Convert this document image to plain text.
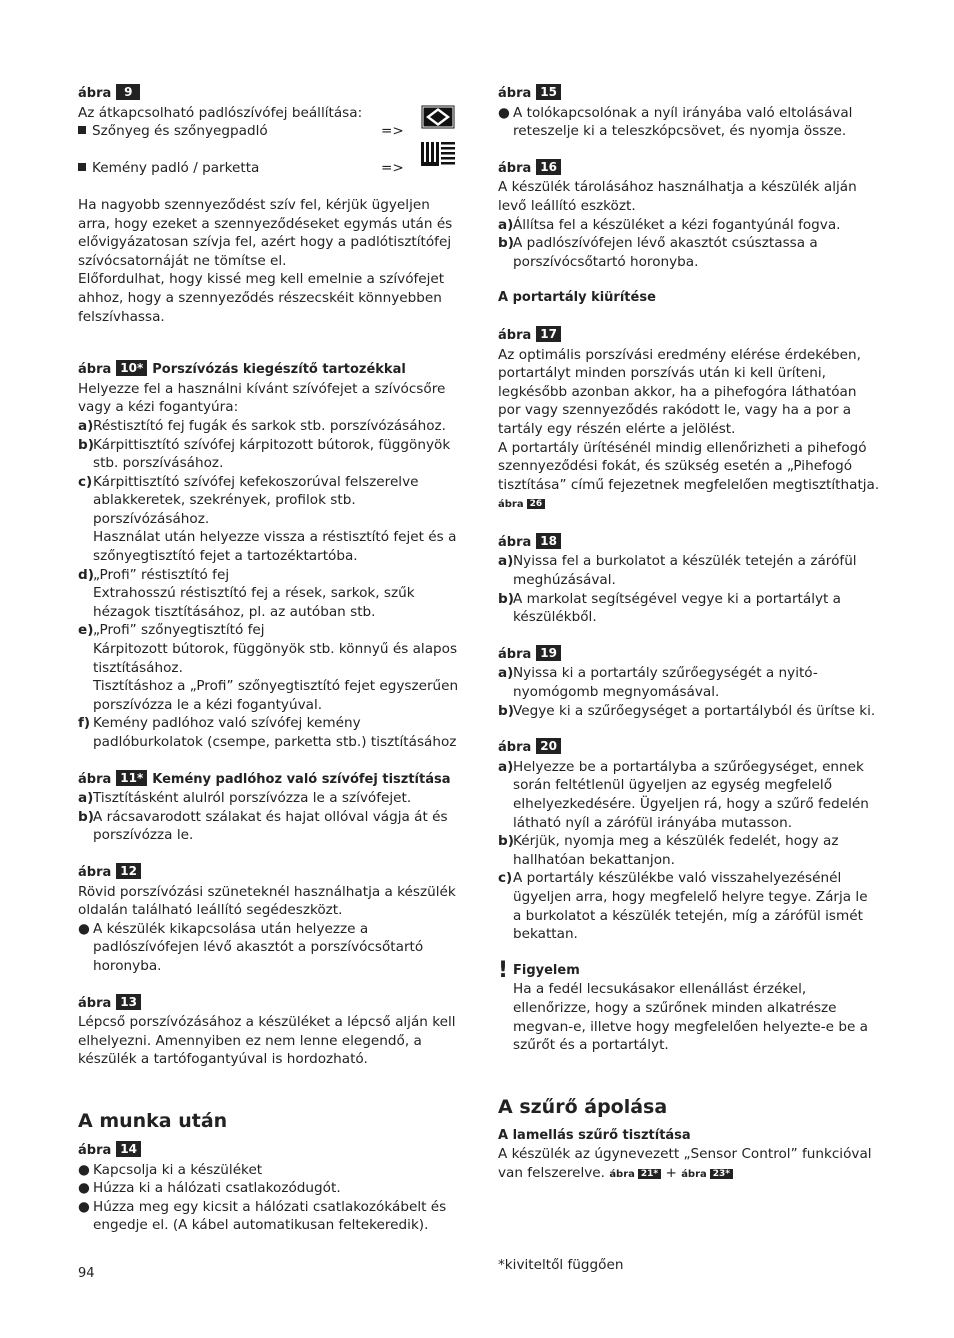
ábra 9

Az átkapcsolható padlószívófej beállítása:

Szőnyeg és szőnyegpadló	=>
Kemény padló / parketta	=>

Ha nagyobb szennyeződést szív fel, kérjük ügyeljen arra, hogy ezeket a szennyeződéseket egymás után és elővigyázatosan szívja fel, azért hogy a padlótisztítófej szívócsatornáját ne tömítse el.

Előfordulhat, hogy kissé meg kell emelnie a szívófejet ahhoz, hogy a szennyeződés részecskéit könnyebben felszívhassa.

ábra 10* Porszívózás kiegészítő tartozékkal

Helyezze fel a használni kívánt szívófejet a szívócsőre vagy a kézi fogantyúra:

a) Réstisztító fej fugák és sarkok stb. porszívózásához.
b) Kárpittisztító szívófej kárpitozott bútorok, függönyök stb. porszívásához.
c) Kárpittisztító szívófej kefekoszorúval felszerelve ablakkeretek, szekrények, profilok stb. porszívózásához.
Használat után helyezze vissza a réstisztító fejet és a szőnyegtisztító fejet a tartozéktartóba.
d) „Profi” réstisztító fej
Extrahosszú réstisztító fej a rések, sarkok, szűk hézagok tisztításához, pl. az autóban stb.
e) „Profi” szőnyegtisztító fej
Kárpitozott bútorok, függönyök stb. könnyű és alapos tisztításához.
Tisztításhoz a „Profi” szőnyegtisztító fejet egyszerűen porszívózza le a kézi fogantyúval.
f) Kemény padlóhoz való szívófej kemény padlóburkolatok (csempe, parketta stb.) tisztításához

ábra 11* Kemény padlóhoz való szívófej tisztítása

a) Tisztításként alulról porszívózza le a szívófejet.
b) A rácsavarodott szálakat és hajat ollóval vágja át és porszívózza le.

ábra 12

Rövid porszívózási szüneteknél használhatja a készülék oldalán található leállító segédeszközt.

● A készülék kikapcsolása után helyezze a padlószívófejen lévő akasztót a porszívócsőtartó horonyba.

ábra 13

Lépcső porszívózásához a készüléket a lépcső alján kell elhelyezni. Amennyiben ez nem lenne elegendő, a készülék a tartófogantyúval is hordozható.

A munka után

ábra 14

● Kapcsolja ki a készüléket
● Húzza ki a hálózati csatlakozódugót.
● Húzza meg egy kicsit a hálózati csatlakozókábelt és engedje el. (A kábel automatikusan feltekeredik).

ábra 15

● A tolókapcsolónak a nyíl irányába való eltolásával reteszelje ki a teleszkópcsövet, és nyomja össze.

ábra 16

A készülék tárolásához használhatja a készülék alján levő leállító eszközt.

a) Állítsa fel a készüléket a kézi fogantyúnál fogva.
b) A padlószívófejen lévő akasztót csúsztassa a porszívócsőtartó horonyba.

A portartály kiürítése

ábra 17

Az optimális porszívási eredmény elérése érdekében, portartályt minden porszívás után ki kell üríteni, legkésőbb azonban akkor, ha a pihefogóra láthatóan por vagy szennyeződés rakódott le, vagy ha a por a tartály egy részén elérte a jelölést.

A portartály ürítésénél mindig ellenőrizheti a pihefogó szennyeződési fokát, és szükség esetén a „Pihefogó tisztítása” című fejezetnek megfelelően megtisztíthatja.

ábra 26

ábra 18

a) Nyissa fel a burkolatot a készülék tetején a zárófül meghúzásával.
b) A markolat segítségével vegye ki a portartályt a készülékből.

ábra 19

a) Nyissa ki a portartály szűrőegységét a nyitó-nyomógomb megnyomásával.
b) Vegye ki a szűrőegységet a portartályból és ürítse ki.

ábra 20

a) Helyezze be a portartályba a szűrőegységet, ennek során feltétlenül ügyeljen az egység megfelelő elhelyezkedésére. Ügyeljen rá, hogy a szűrő fedelén látható nyíl a zárófül irányába mutasson.
b) Kérjük, nyomja meg a készülék fedelét, hogy az hallhatóan bekattanjon.
c) A portartály készülékbe való visszahelyezésénél ügyeljen arra, hogy megfelelő helyre tegye. Zárja le a burkolatot a készülék tetején, míg a zárófül ismét bekattan.
! Figyelem

Ha a fedél lecsukásakor ellenállást érzékel, ellenőrizze, hogy a szűrőnek minden alkatrésze megvan-e, illetve hogy megfelelően helyezte-e be a szűrőt és a portartályt.

A szűrő ápolása

A lamellás szűrő tisztítása

A készülék az úgynevezett „Sensor Control” funkcióval van felszerelve. ábra 21* + ábra 23*

94
*kiviteltől függően
